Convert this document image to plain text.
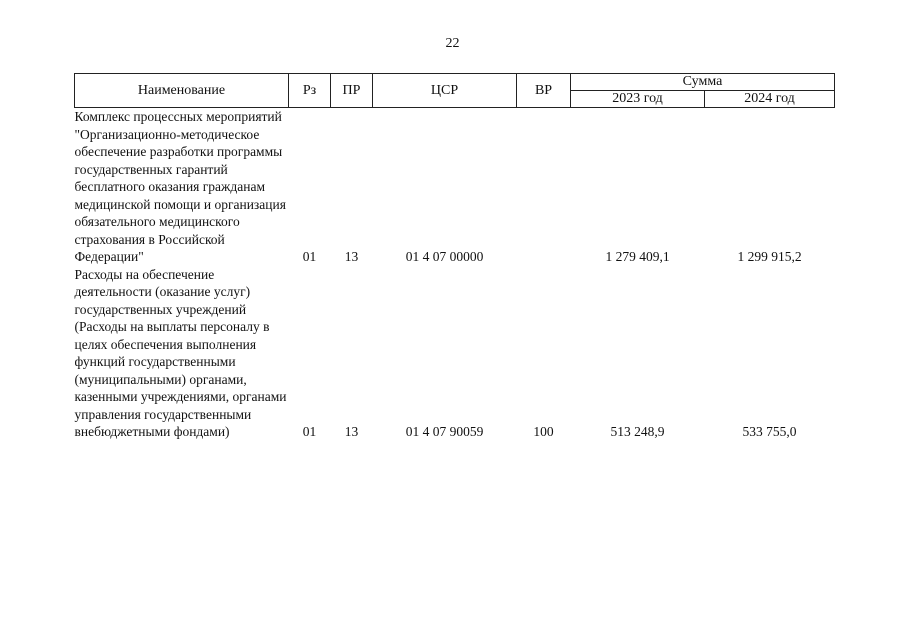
22
Наименование	Рз	ПР	ЦСР	ВР	Сумма	
					2023 год	2024 год
Комплекс процессных мероприятий "Организационно-методическое обеспечение разработки программы государственных гарантий бесплатного оказания гражданам медицинской помощи и организация обязательного медицинского страхования в Российской Федерации"	01	13	01 4 07 00000		1 279 409,1	1 299 915,2
Расходы на обеспечение деятельности (оказание услуг) государственных учреждений (Расходы на выплаты персоналу в целях обеспечения выполнения функций государственными (муниципальными) органами, казенными учреждениями, органами управления государственными внебюджетными фондами)	01	13	01 4 07 90059	100	513 248,9	533 755,0
